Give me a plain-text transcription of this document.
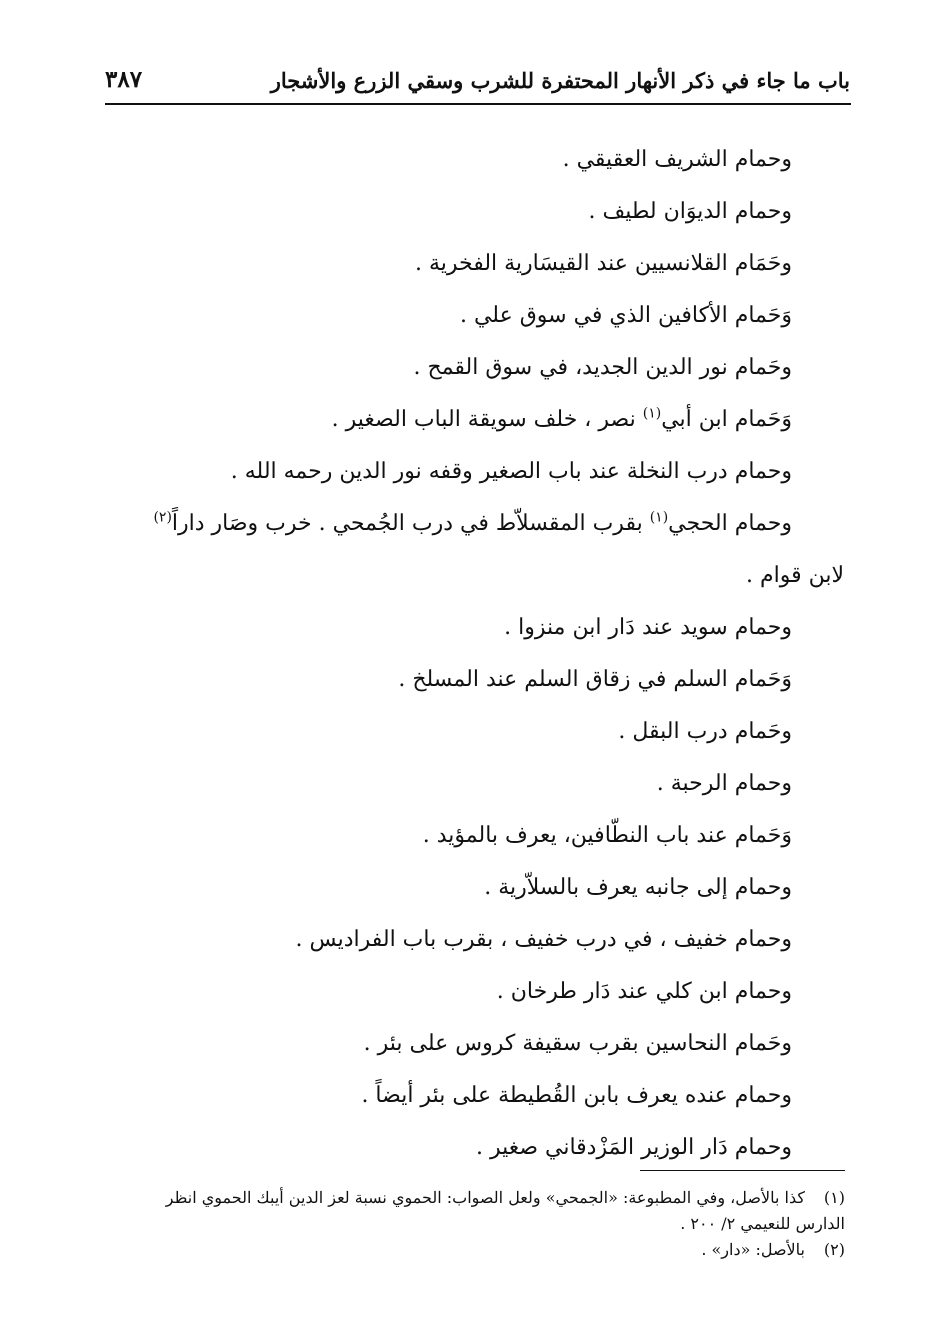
باب ما جاء في ذكر الأنهار المحتفرة للشرب وسقي الزرع والأشجار
٣٨٧
وحمام الشريف العقيقي .
وحمام الديوَان لطيف .
وحَمَام القلانسيين عند القيسَارية الفخرية .
وَحَمام الأكافين الذي في سوق علي .
وحَمام نور الدين الجديد، في سوق القمح .
وَحَمام ابن أبي$^{(١)}$ نصر ، خلف سويقة الباب الصغير .
وحمام درب النخلة عند باب الصغير وقفه نور الدين رحمه الله .
وحمام الحجي$^{(١)}$ بقرب المقسلاّط في درب الجُمحي . خرب وصَار داراً$^{(٢)}$
لابن قوام .
وحمام سويد عند دَار ابن منزوا .
وَحَمام السلم في زقاق السلم عند المسلخ .
وحَمام درب البقل .
وحمام الرحبة .
وَحَمام عند باب النطّافين، يعرف بالمؤيد .
وحمام إلى جانبه يعرف بالسلاّرية .
وحمام خفيف ، في درب خفيف ، بقرب باب الفراديس .
وحمام ابن كلي عند دَار طرخان .
وحَمام النحاسين بقرب سقيفة كروس على بئر .
وحمام عنده يعرف بابن القُطيطة على بئر أيضاً .
وحمام دَار الوزير المَزْدقاني صغير .
(١)كذا بالأصل، وفي المطبوعة: «الجمحي» ولعل الصواب: الحموي نسبة لعز الدين أيبك الحموي انظر
الدارس للنعيمي ٢/ ٢٠٠ .
(٢)بالأصل: «دار» .
